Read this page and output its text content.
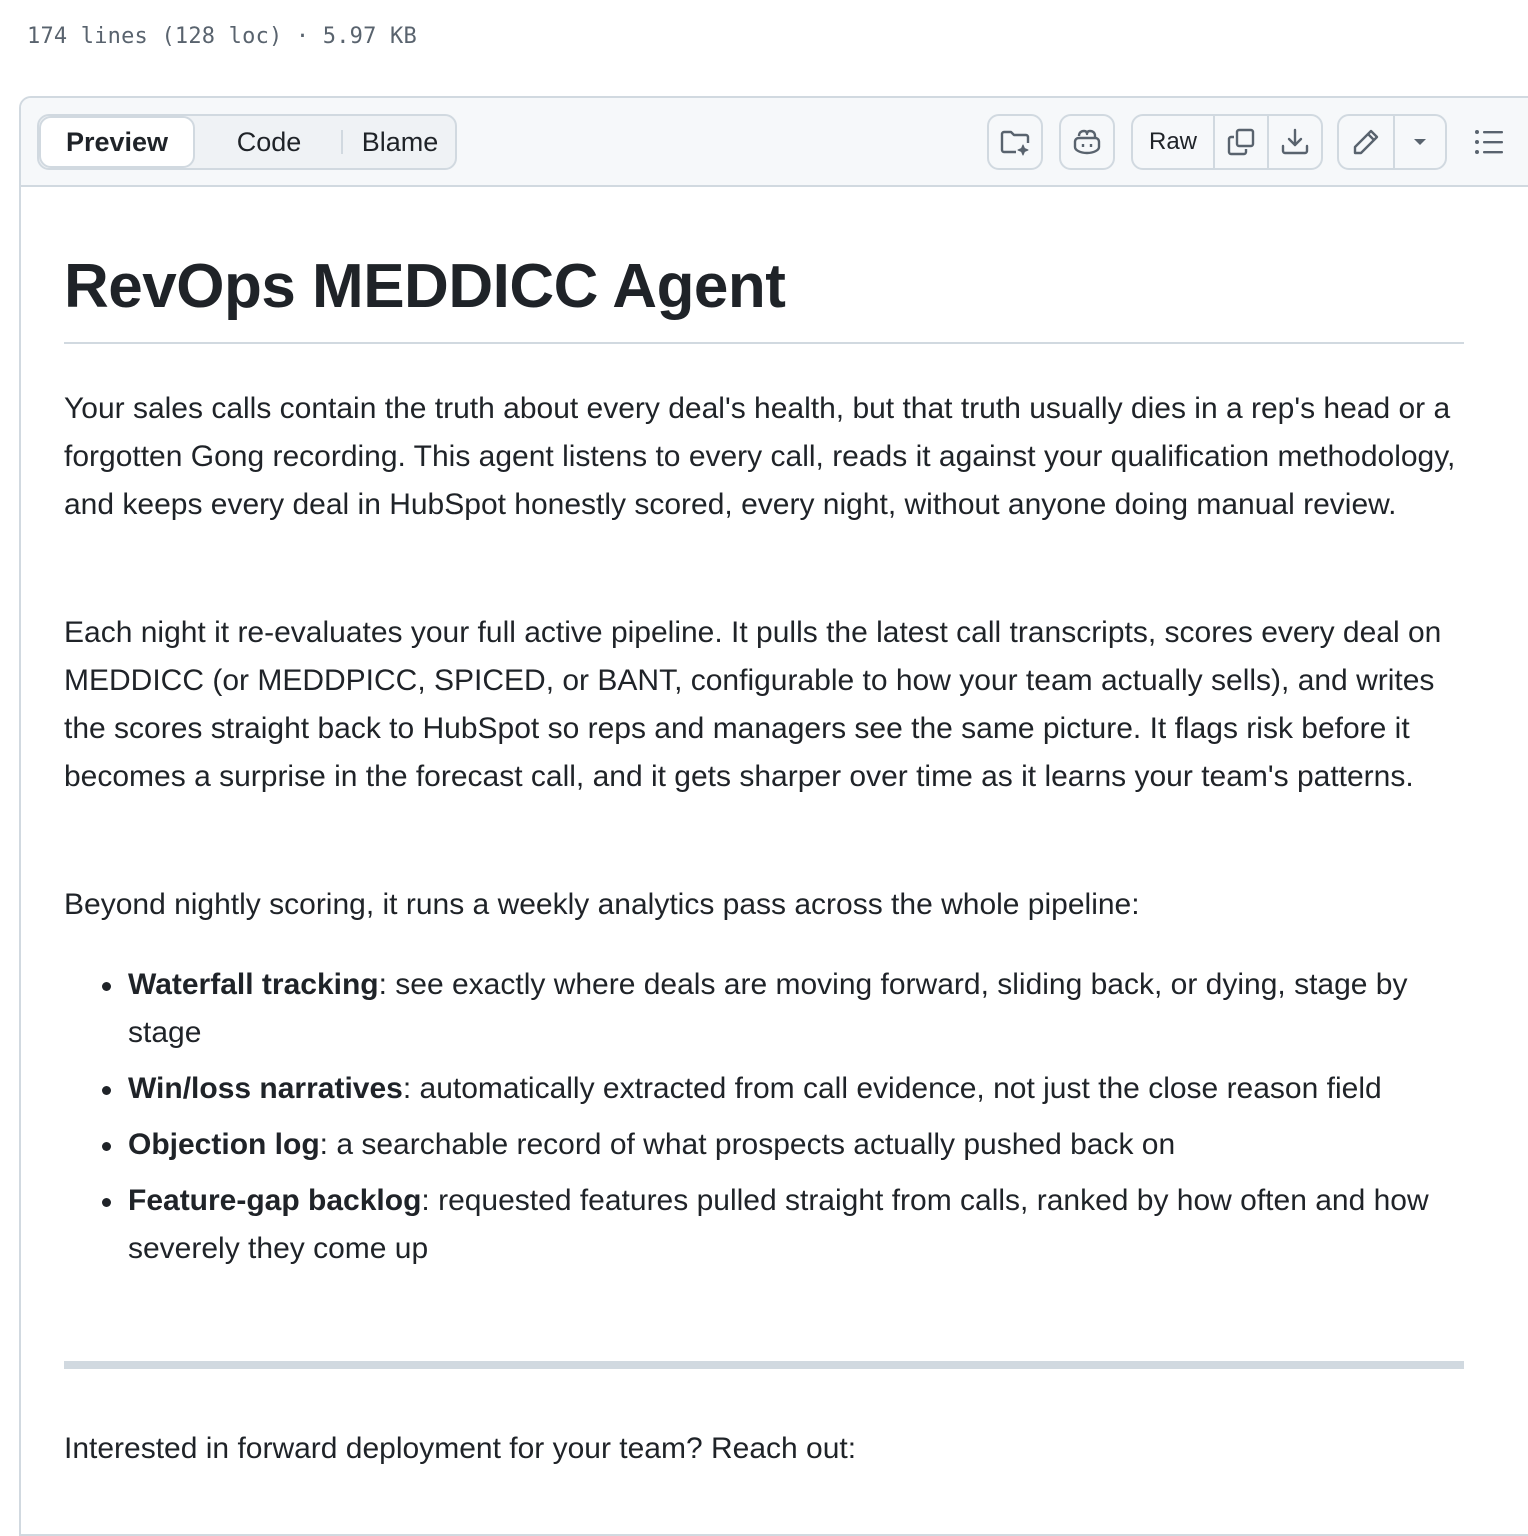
174 lines (128 loc) · 5.97 KB
Preview	Code	Blame	Raw
RevOps MEDDICC Agent

Your sales calls contain the truth about every deal's health, but that truth usually dies in a rep's head or a forgotten Gong recording. This agent listens to every call, reads it against your qualification methodology, and keeps every deal in HubSpot honestly scored, every night, without anyone doing manual review.

Each night it re-evaluates your full active pipeline. It pulls the latest call transcripts, scores every deal on MEDDICC (or MEDDPICC, SPICED, or BANT, configurable to how your team actually sells), and writes the scores straight back to HubSpot so reps and managers see the same picture. It flags risk before it becomes a surprise in the forecast call, and it gets sharper over time as it learns your team's patterns.

Beyond nightly scoring, it runs a weekly analytics pass across the whole pipeline:

Waterfall tracking: see exactly where deals are moving forward, sliding back, or dying, stage by stage
Win/loss narratives: automatically extracted from call evidence, not just the close reason field
Objection log: a searchable record of what prospects actually pushed back on
Feature-gap backlog: requested features pulled straight from calls, ranked by how often and how severely they come up

Interested in forward deployment for your team? Reach out:
